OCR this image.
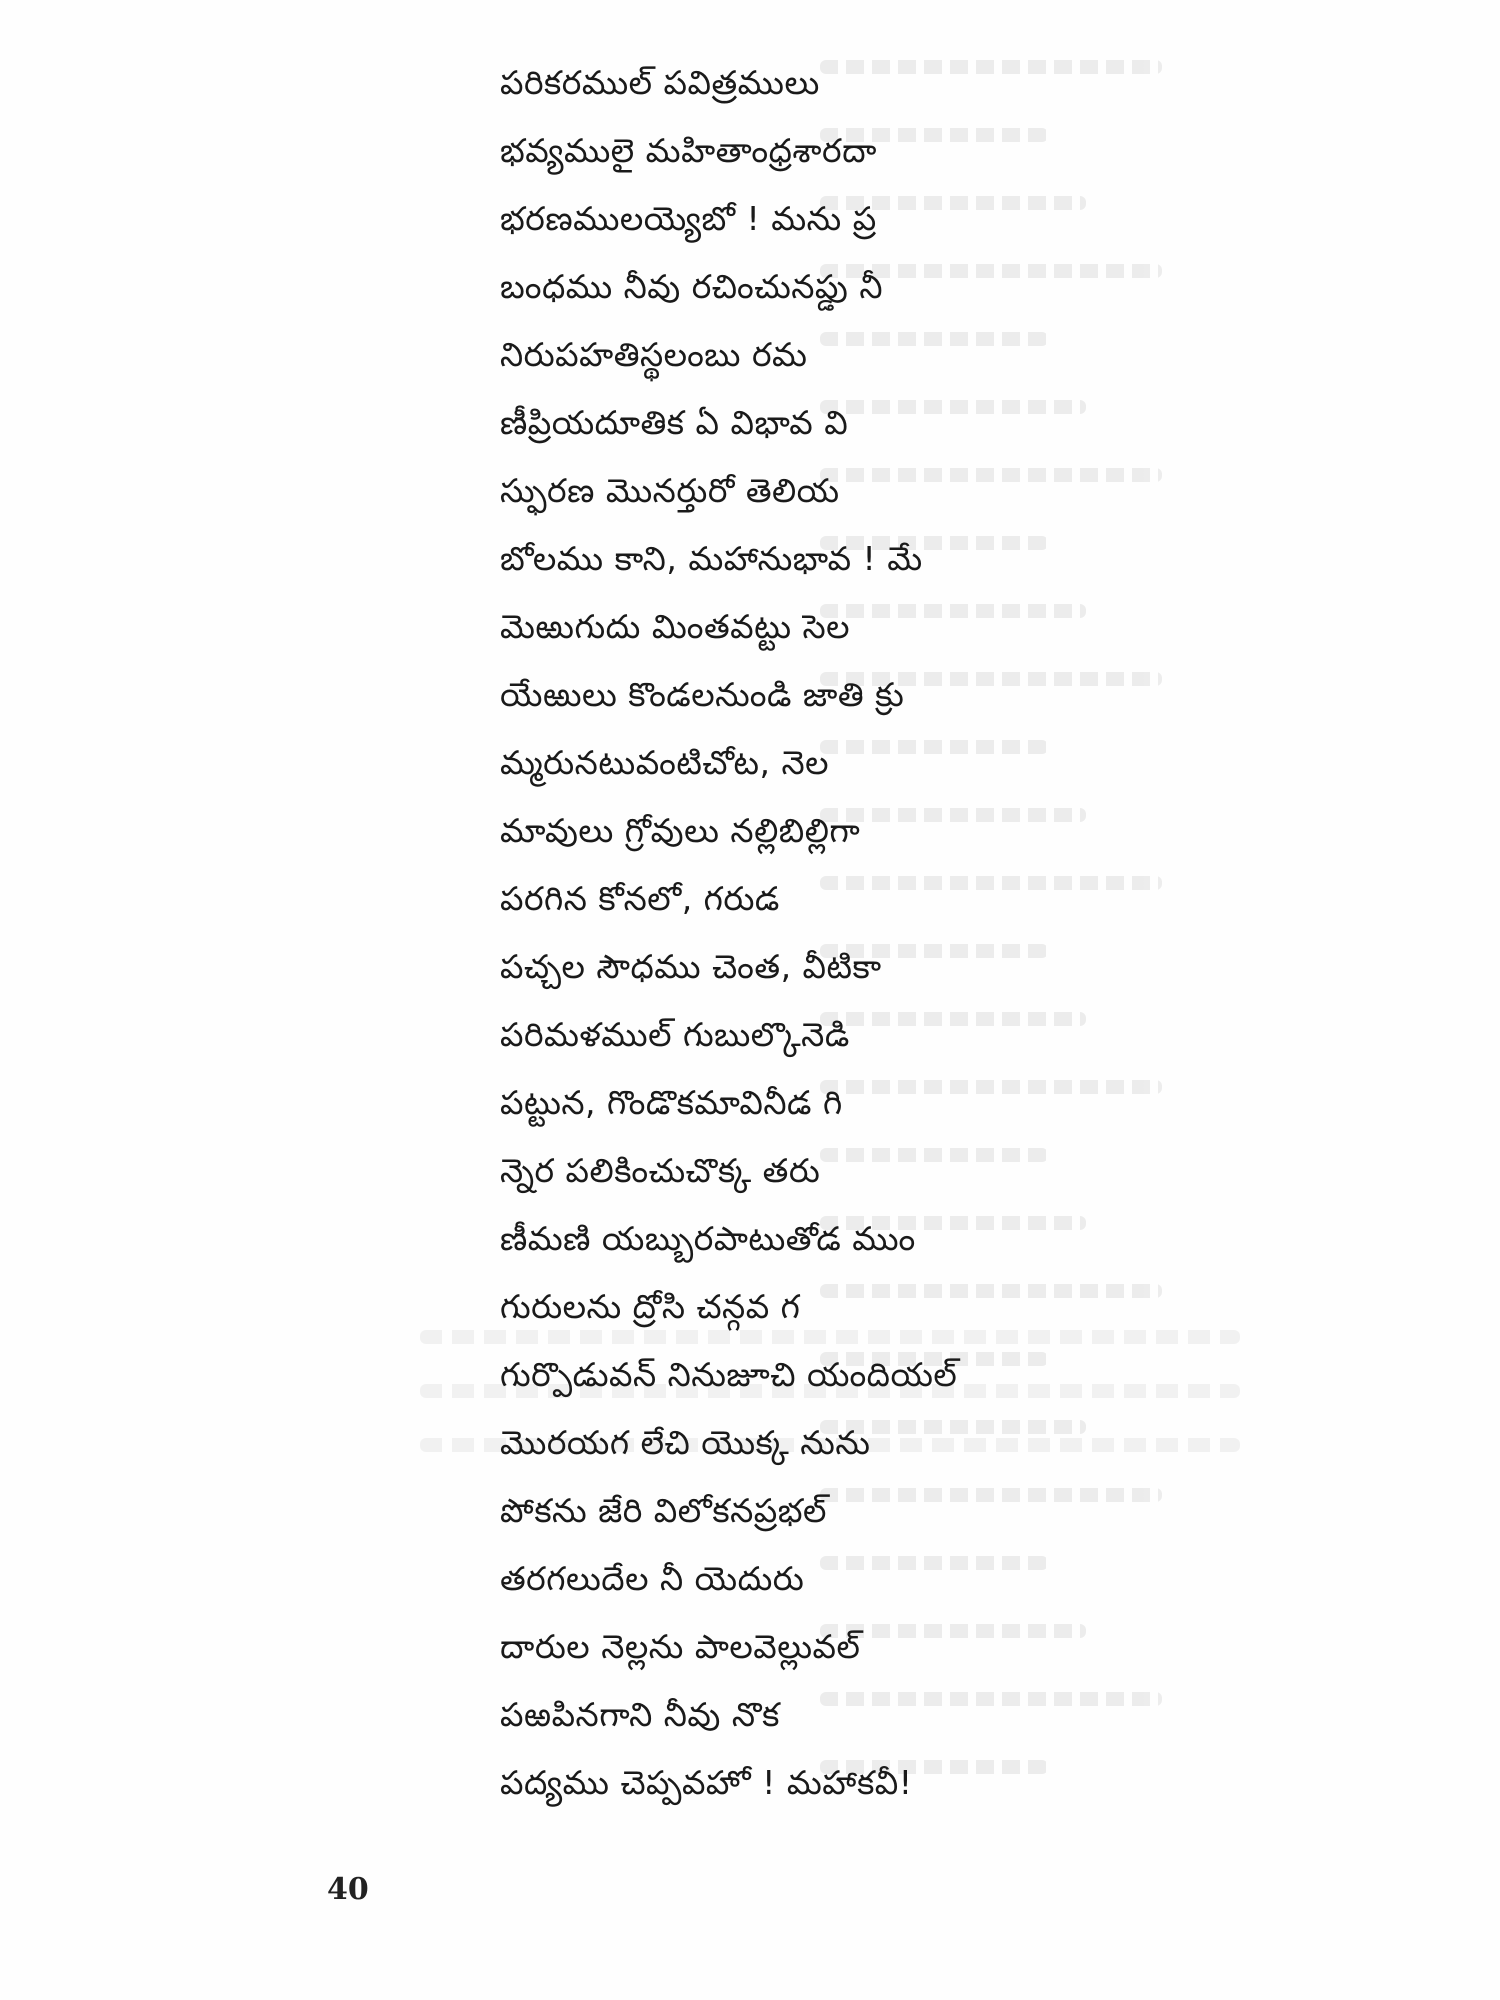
పరికరముల్ పవిత్రములు
భవ్యములై మహితాంధ్రశారదా
భరణములయ్యెబో ! మను ప్ర
బంధము నీవు రచించునప్డు నీ
నిరుపహతిస్థలంబు రమ
ణీప్రియదూతిక ఏ విభావ వి
స్ఫురణ మొనర్తురో తెలియ
బోలము కాని, మహానుభావ ! మే
మెఱుగుదు మింతవట్టు సెల
యేఱులు కొండలనుండి జాతి క్రు
మ్మరునటువంటిచోట, నెల
మావులు గ్రోవులు నల్లిబిల్లిగా
పరగిన కోనలో, గరుడ
పచ్చల సౌధము చెంత, వీటికా
పరిమళముల్ గుబుల్కొనెడి
పట్టున, గొండొకమావినీడ గి
న్నెర పలికించుచొక్క తరు
ణీమణి యబ్బురపాటుతోడ ముం
గురులను ద్రోసి చన్గవ గ
గుర్పొడువన్ నినుజూచి యందియల్
మొరయగ లేచి యొక్క నును
పోకను జేరి విలోకనప్రభల్
తరగలుదేల నీ యెదురు
దారుల నెల్లను పాలవెల్లువల్
పఱపినగాని నీవు నొక
పద్యము చెప్పవహో ! మహాకవీ!
40
